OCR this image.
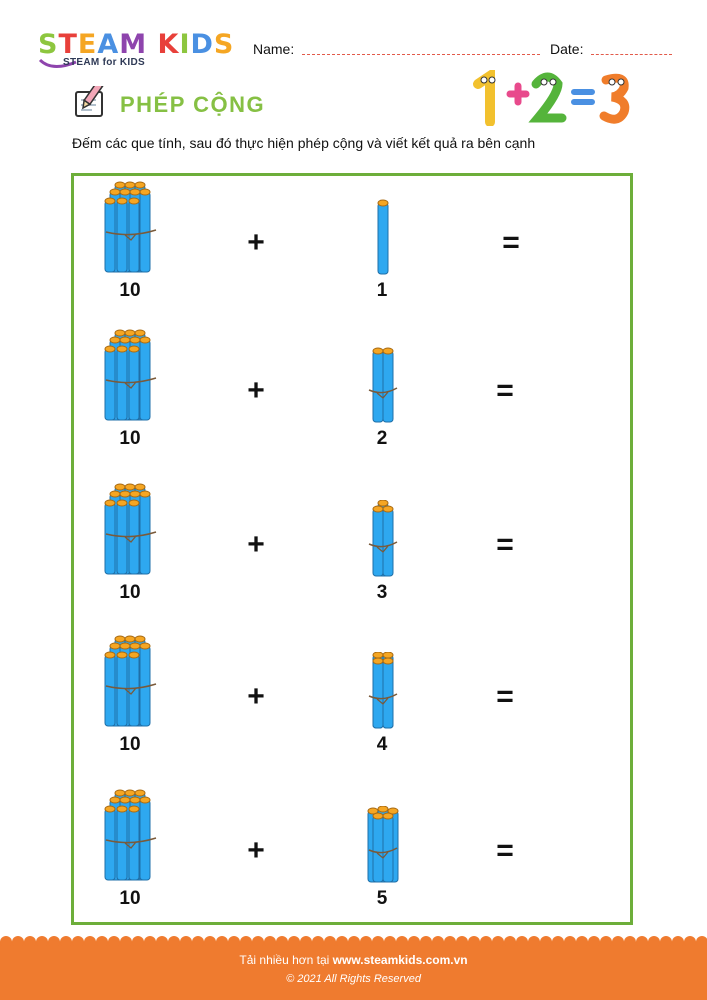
STEAM KIDS
STEAM for KIDS
Name:	Date:
PHÉP CỘNG
Đếm các que tính, sau đó thực hiện phép cộng và viết kết quả ra bên cạnh
10
+
1
=
10
+
2
=
10
+
3
=
10
+
4
=
10
+
5
=
Tải nhiều hơn tại www.steamkids.com.vn
© 2021 All Rights Reserved
